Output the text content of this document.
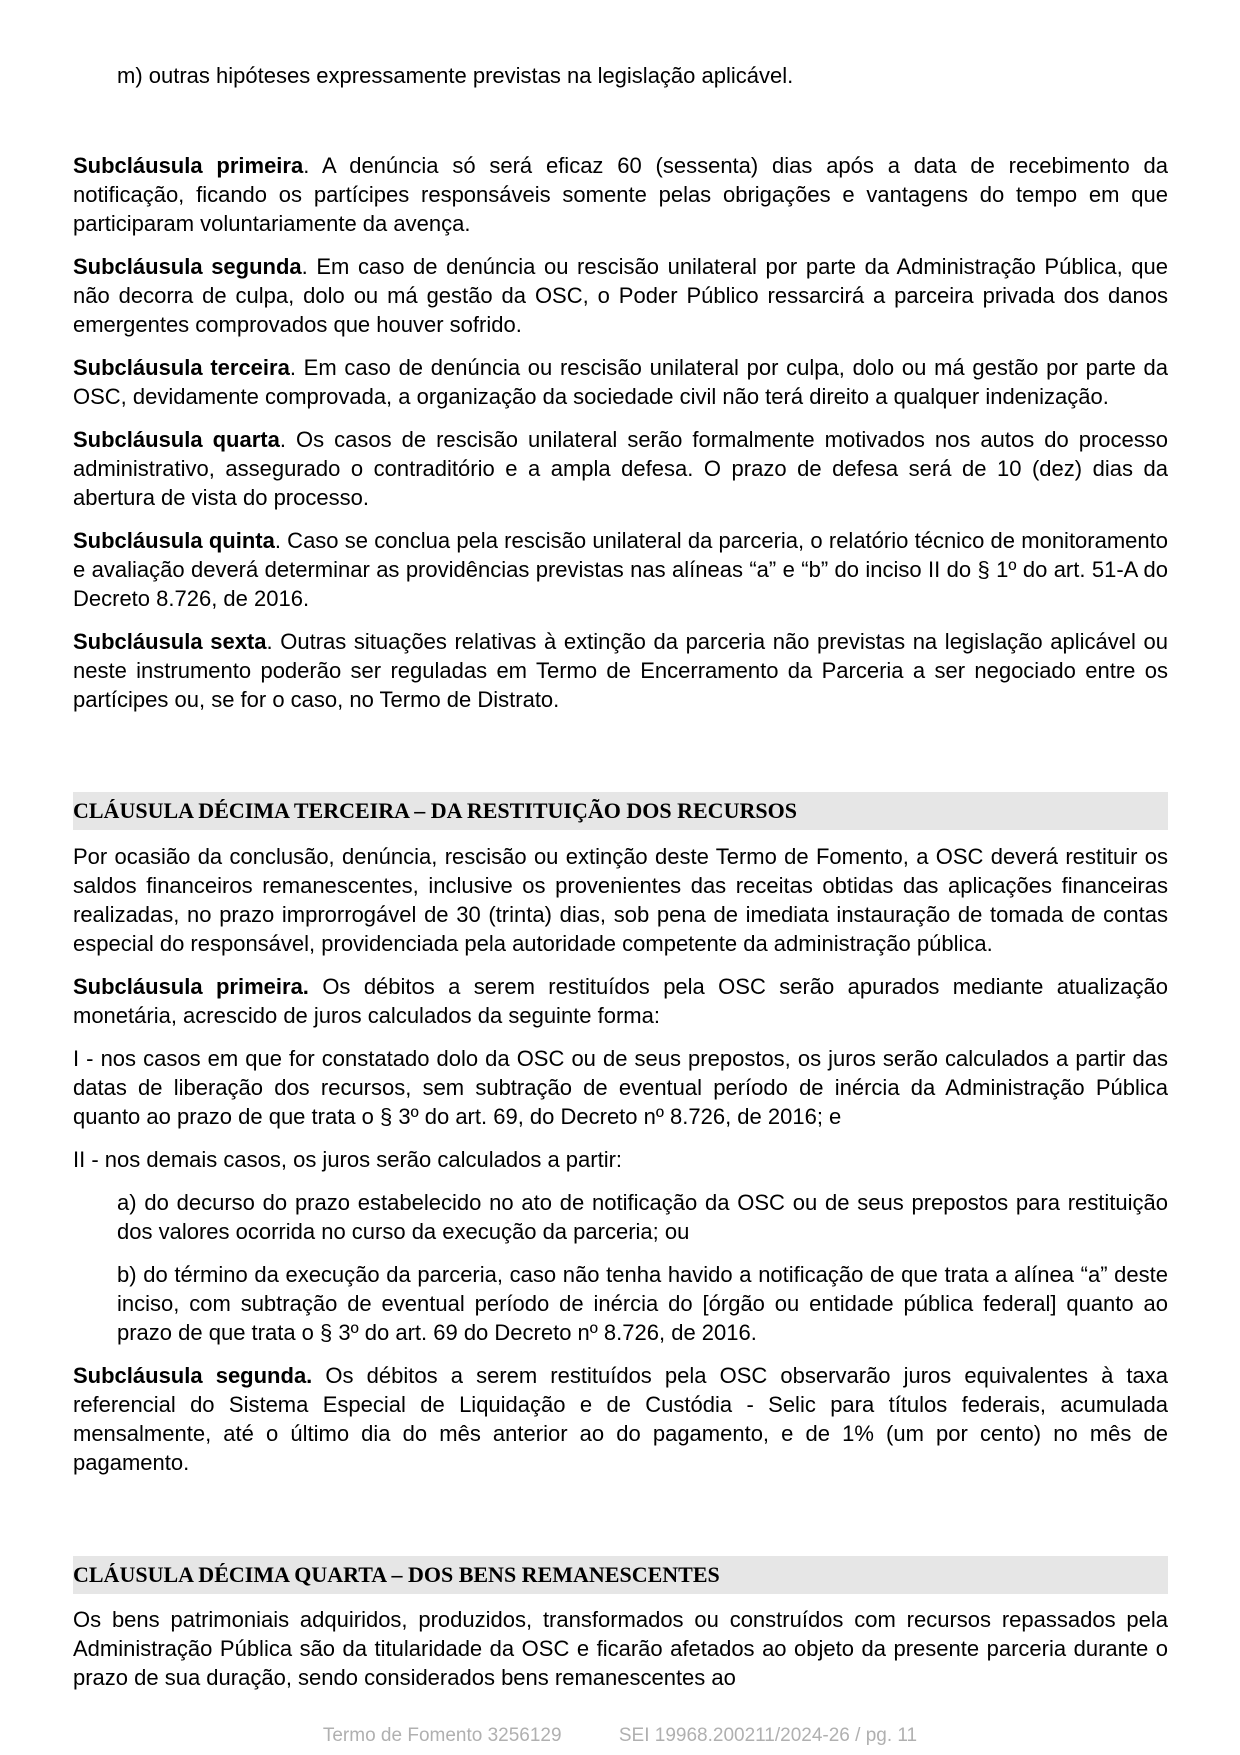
m) outras hipóteses expressamente previstas na legislação aplicável.

Subcláusula primeira. A denúncia só será eficaz 60 (sessenta) dias após a data de recebimento da notificação, ficando os partícipes responsáveis somente pelas obrigações e vantagens do tempo em que participaram voluntariamente da avença.

Subcláusula segunda. Em caso de denúncia ou rescisão unilateral por parte da Administração Pública, que não decorra de culpa, dolo ou má gestão da OSC, o Poder Público ressarcirá a parceira privada dos danos emergentes comprovados que houver sofrido.

Subcláusula terceira. Em caso de denúncia ou rescisão unilateral por culpa, dolo ou má gestão por parte da OSC, devidamente comprovada, a organização da sociedade civil não terá direito a qualquer indenização.

Subcláusula quarta. Os casos de rescisão unilateral serão formalmente motivados nos autos do processo administrativo, assegurado o contraditório e a ampla defesa. O prazo de defesa será de 10 (dez) dias da abertura de vista do processo.

Subcláusula quinta. Caso se conclua pela rescisão unilateral da parceria, o relatório técnico de monitoramento e avaliação deverá determinar as providências previstas nas alíneas “a” e “b” do inciso II do § 1º do art. 51-A do Decreto 8.726, de 2016.

Subcláusula sexta. Outras situações relativas à extinção da parceria não previstas na legislação aplicável ou neste instrumento poderão ser reguladas em Termo de Encerramento da Parceria a ser negociado entre os partícipes ou, se for o caso, no Termo de Distrato.

CLÁUSULA DÉCIMA TERCEIRA – DA RESTITUIÇÃO DOS RECURSOS

Por ocasião da conclusão, denúncia, rescisão ou extinção deste Termo de Fomento, a OSC deverá restituir os saldos financeiros remanescentes, inclusive os provenientes das receitas obtidas das aplicações financeiras realizadas, no prazo improrrogável de 30 (trinta) dias, sob pena de imediata instauração de tomada de contas especial do responsável, providenciada pela autoridade competente da administração pública.

Subcláusula primeira. Os débitos a serem restituídos pela OSC serão apurados mediante atualização monetária, acrescido de juros calculados da seguinte forma:

I - nos casos em que for constatado dolo da OSC ou de seus prepostos, os juros serão calculados a partir das datas de liberação dos recursos, sem subtração de eventual período de inércia da Administração Pública quanto ao prazo de que trata o § 3º do art. 69, do Decreto nº 8.726, de 2016; e

II - nos demais casos, os juros serão calculados a partir:

a) do decurso do prazo estabelecido no ato de notificação da OSC ou de seus prepostos para restituição dos valores ocorrida no curso da execução da parceria; ou

b) do término da execução da parceria, caso não tenha havido a notificação de que trata a alínea “a” deste inciso, com subtração de eventual período de inércia do [órgão ou entidade pública federal] quanto ao prazo de que trata o § 3º do art. 69 do Decreto nº 8.726, de 2016.

Subcláusula segunda. Os débitos a serem restituídos pela OSC observarão juros equivalentes à taxa referencial do Sistema Especial de Liquidação e de Custódia - Selic para títulos federais, acumulada mensalmente, até o último dia do mês anterior ao do pagamento, e de 1% (um por cento) no mês de pagamento.

CLÁUSULA DÉCIMA QUARTA – DOS BENS REMANESCENTES

Os bens patrimoniais adquiridos, produzidos, transformados ou construídos com recursos repassados pela Administração Pública são da titularidade da OSC e ficarão afetados ao objeto da presente parceria durante o prazo de sua duração, sendo considerados bens remanescentes ao

Termo de Fomento 3256129	SEI 19968.200211/2024-26 / pg. 11
